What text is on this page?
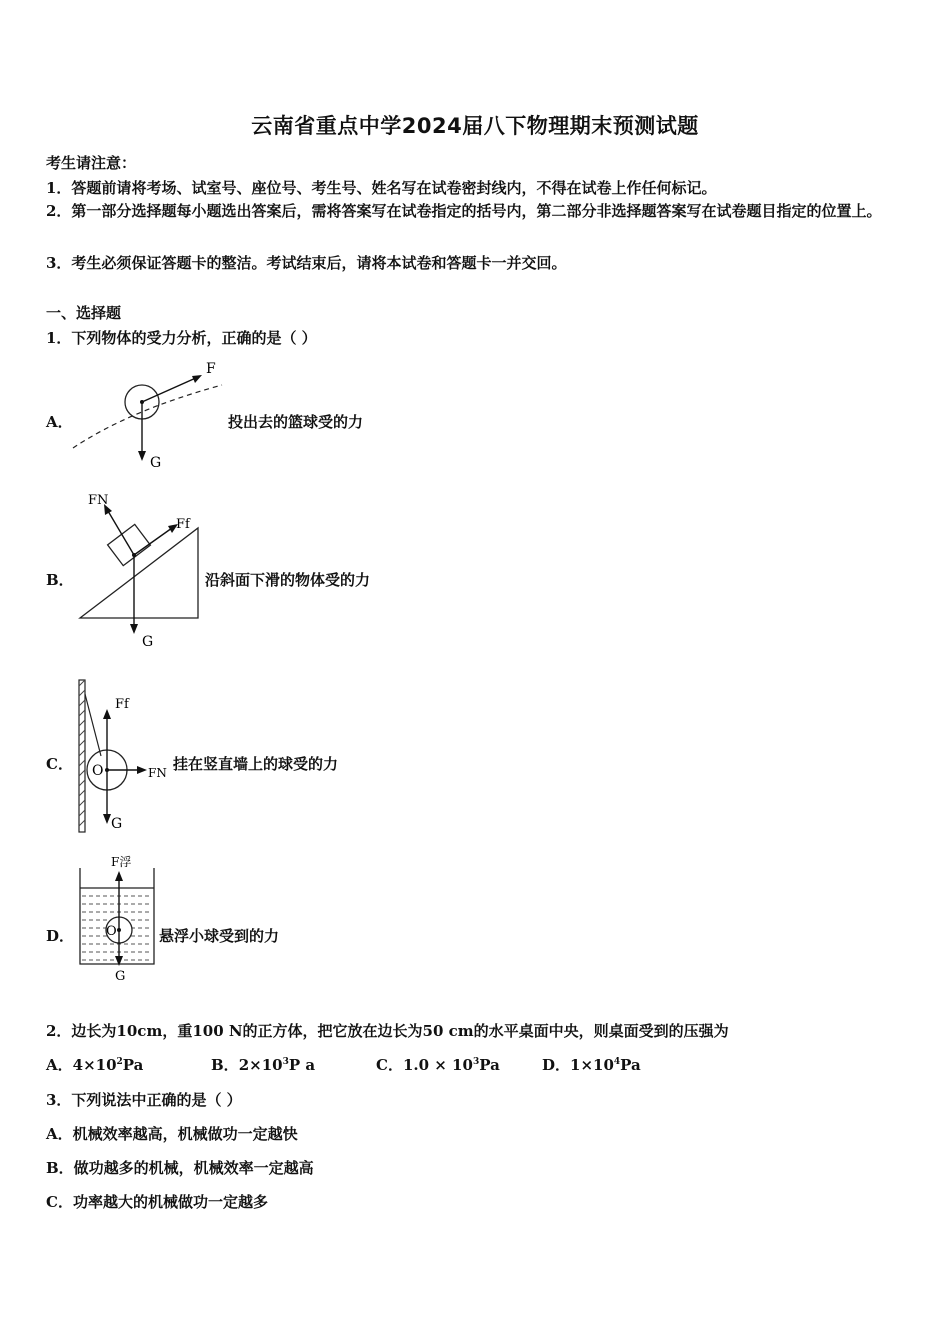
云南省重点中学2024届八下物理期末预测试题
考生请注意：
1．答题前请将考场、试室号、座位号、考生号、姓名写在试卷密封线内，不得在试卷上作任何标记。
2．第一部分选择题每小题选出答案后，需将答案写在试卷指定的括号内，第二部分非选择题答案写在试卷题目指定的位置上。
3．考生必须保证答题卡的整洁。考试结束后，请将本试卷和答题卡一并交回。
一、选择题
1．下列物体的受力分析，正确的是（ ）
A．
F
G
投出去的篮球受的力
B．
FN
Ff
G
沿斜面下滑的物体受的力
C． O
Ff
FN
G
挂在竖直墙上的球受的力
D． O
F浮
G
悬浮小球受到的力
2．边长为10cm，重100 N的正方体，把它放在边长为50 cm的水平桌面中央，则桌面受到的压强为
A．$4\times 10^2Pa$	B．$2\times 10^3P$ a	C．$1.0 \times 10^3Pa$	D．$1\times 10^4Pa$
3．下列说法中正确的是（ ）
A．机械效率越高，机械做功一定越快
B．做功越多的机械，机械效率一定越高
C．功率越大的机械做功一定越多
